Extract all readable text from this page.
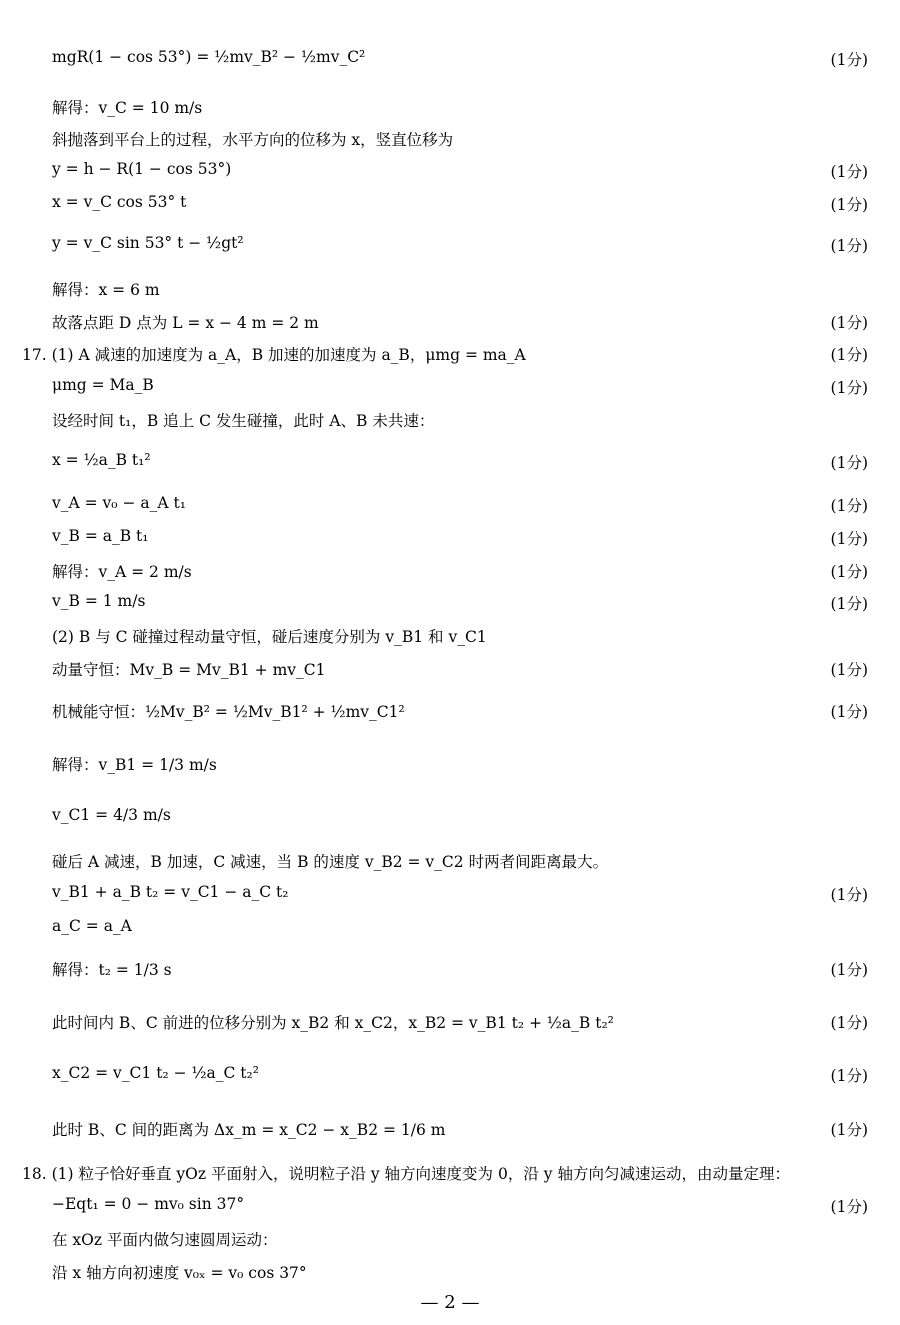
mgR(1 − cos 53°) = ½mv_B² − ½mv_C²	(1分)
解得：v_C = 10 m/s
斜抛落到平台上的过程，水平方向的位移为 x，竖直位移为
y = h − R(1 − cos 53°)	(1分)
x = v_C cos 53° t	(1分)
y = v_C sin 53° t − ½gt²	(1分)
解得：x = 6 m
故落点距 D 点为 L = x − 4 m = 2 m	(1分)
17. (1) A 减速的加速度为 a_A，B 加速的加速度为 a_B，μmg = ma_A	(1分)
μmg = Ma_B	(1分)
设经时间 t₁，B 追上 C 发生碰撞，此时 A、B 未共速：
x = ½a_B t₁²	(1分)
v_A = v₀ − a_A t₁	(1分)
v_B = a_B t₁	(1分)
解得：v_A = 2 m/s	(1分)
v_B = 1 m/s	(1分)
(2) B 与 C 碰撞过程动量守恒，碰后速度分别为 v_B1 和 v_C1
动量守恒：Mv_B = Mv_B1 + mv_C1	(1分)
机械能守恒：½Mv_B² = ½Mv_B1² + ½mv_C1²	(1分)
解得：v_B1 = 1/3 m/s
v_C1 = 4/3 m/s
碰后 A 减速，B 加速，C 减速，当 B 的速度 v_B2 = v_C2 时两者间距离最大。
v_B1 + a_B t₂ = v_C1 − a_C t₂	(1分)
a_C = a_A
解得：t₂ = 1/3 s	(1分)
此时间内 B、C 前进的位移分别为 x_B2 和 x_C2，x_B2 = v_B1 t₂ + ½a_B t₂²	(1分)
x_C2 = v_C1 t₂ − ½a_C t₂²	(1分)
此时 B、C 间的距离为 Δx_m = x_C2 − x_B2 = 1/6 m	(1分)
18. (1) 粒子恰好垂直 yOz 平面射入，说明粒子沿 y 轴方向速度变为 0，沿 y 轴方向匀减速运动，由动量定理：
−Eqt₁ = 0 − mv₀ sin 37°	(1分)
在 xOz 平面内做匀速圆周运动：
沿 x 轴方向初速度 v₀ₓ = v₀ cos 37°
— 2 —
